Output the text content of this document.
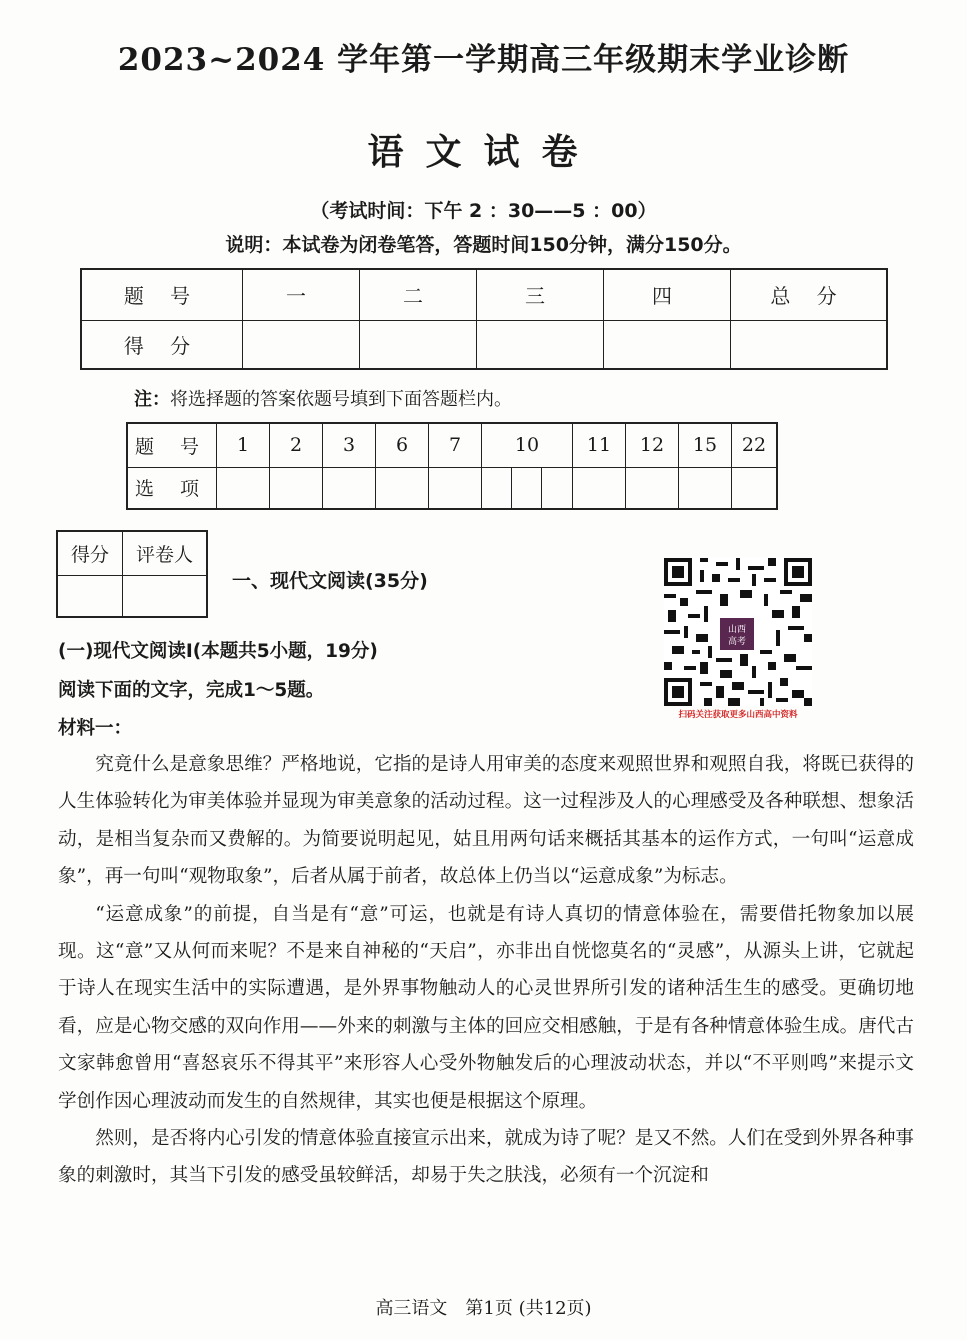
2023~2024 学年第一学期高三年级期末学业诊断
语文试卷
（考试时间：下午 2 ：30——5 ：00）
说明：本试卷为闭卷笔答，答题时间150分钟，满分150分。
题 号	一	二	三	四	总 分
得 分					
注：将选择题的答案依题号填到下面答题栏内。
题 号	1	2	3	6	7	10			11	12	15	22
选 项												
得分	评卷人

一、现代文阅读(35分)
山西
高考
扫码关注获取更多山西高中资料
(一)现代文阅读Ⅰ(本题共5小题，19分)
阅读下面的文字，完成1～5题。
材料一：

究竟什么是意象思维？严格地说，它指的是诗人用审美的态度来观照世界和观照自我，将既已获得的人生体验转化为审美体验并显现为审美意象的活动过程。这一过程涉及人的心理感受及各种联想、想象活动，是相当复杂而又费解的。为简要说明起见，姑且用两句话来概括其基本的运作方式，一句叫“运意成象”，再一句叫“观物取象”，后者从属于前者，故总体上仍当以“运意成象”为标志。

“运意成象”的前提，自当是有“意”可运，也就是有诗人真切的情意体验在，需要借托物象加以展现。这“意”又从何而来呢？不是来自神秘的“天启”，亦非出自恍惚莫名的“灵感”，从源头上讲，它就起于诗人在现实生活中的实际遭遇，是外界事物触动人的心灵世界所引发的诸种活生生的感受。更确切地看，应是心物交感的双向作用——外来的刺激与主体的回应交相感触，于是有各种情意体验生成。唐代古文家韩愈曾用“喜怒哀乐不得其平”来形容人心受外物触发后的心理波动状态，并以“不平则鸣”来提示文学创作因心理波动而发生的自然规律，其实也便是根据这个原理。

然则，是否将内心引发的情意体验直接宣示出来，就成为诗了呢？是又不然。人们在受到外界各种事象的刺激时，其当下引发的感受虽较鲜活，却易于失之肤浅，必须有一个沉淀和

高三语文　第1页 (共12页)
